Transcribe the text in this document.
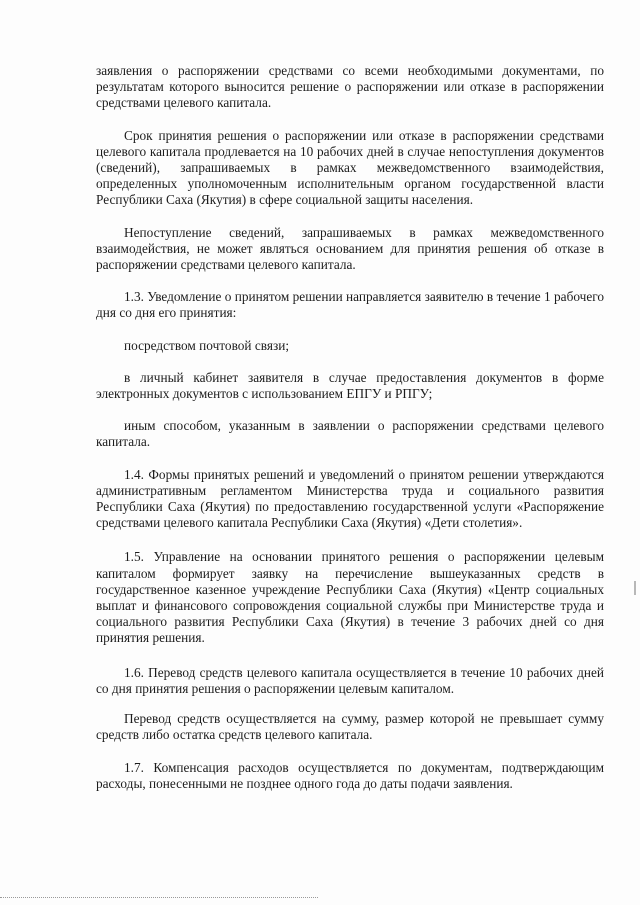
заявления о распоряжении средствами со всеми необходимыми документами, по результатам которого выносится решение о распоряжении или отказе в распоряжении средствами целевого капитала.

Срок принятия решения о распоряжении или отказе в распоряжении средствами целевого капитала продлевается на 10 рабочих дней в случае непоступления документов (сведений), запрашиваемых в рамках межведомственного взаимодействия, определенных уполномоченным исполнительным органом государственной власти Республики Саха (Якутия) в сфере социальной защиты населения.

Непоступление сведений, запрашиваемых в рамках межведомственного взаимодействия, не может являться основанием для принятия решения об отказе в распоряжении средствами целевого капитала.

1.3. Уведомление о принятом решении направляется заявителю в течение 1 рабочего дня со дня его принятия:

посредством почтовой связи;

в личный кабинет заявителя в случае предоставления документов в форме электронных документов с использованием ЕПГУ и РПГУ;

иным способом, указанным в заявлении о распоряжении средствами целевого капитала.

1.4. Формы принятых решений и уведомлений о принятом решении утверждаются административным регламентом Министерства труда и социального развития Республики Саха (Якутия) по предоставлению государственной услуги «Распоряжение средствами целевого капитала Республики Саха (Якутия) «Дети столетия».

1.5. Управление на основании принятого решения о распоряжении целевым капиталом формирует заявку на перечисление вышеуказанных средств в государственное казенное учреждение Республики Саха (Якутия) «Центр социальных выплат и финансового сопровождения социальной службы при Министерстве труда и социального развития Республики Саха (Якутия) в течение 3 рабочих дней со дня принятия решения.

1.6. Перевод средств целевого капитала осуществляется в течение 10 рабочих дней со дня принятия решения о распоряжении целевым капиталом.

Перевод средств осуществляется на сумму, размер которой не превышает сумму средств либо остатка средств целевого капитала.

1.7. Компенсация расходов осуществляется по документам, подтверждающим расходы, понесенными не позднее одного года до даты подачи заявления.
